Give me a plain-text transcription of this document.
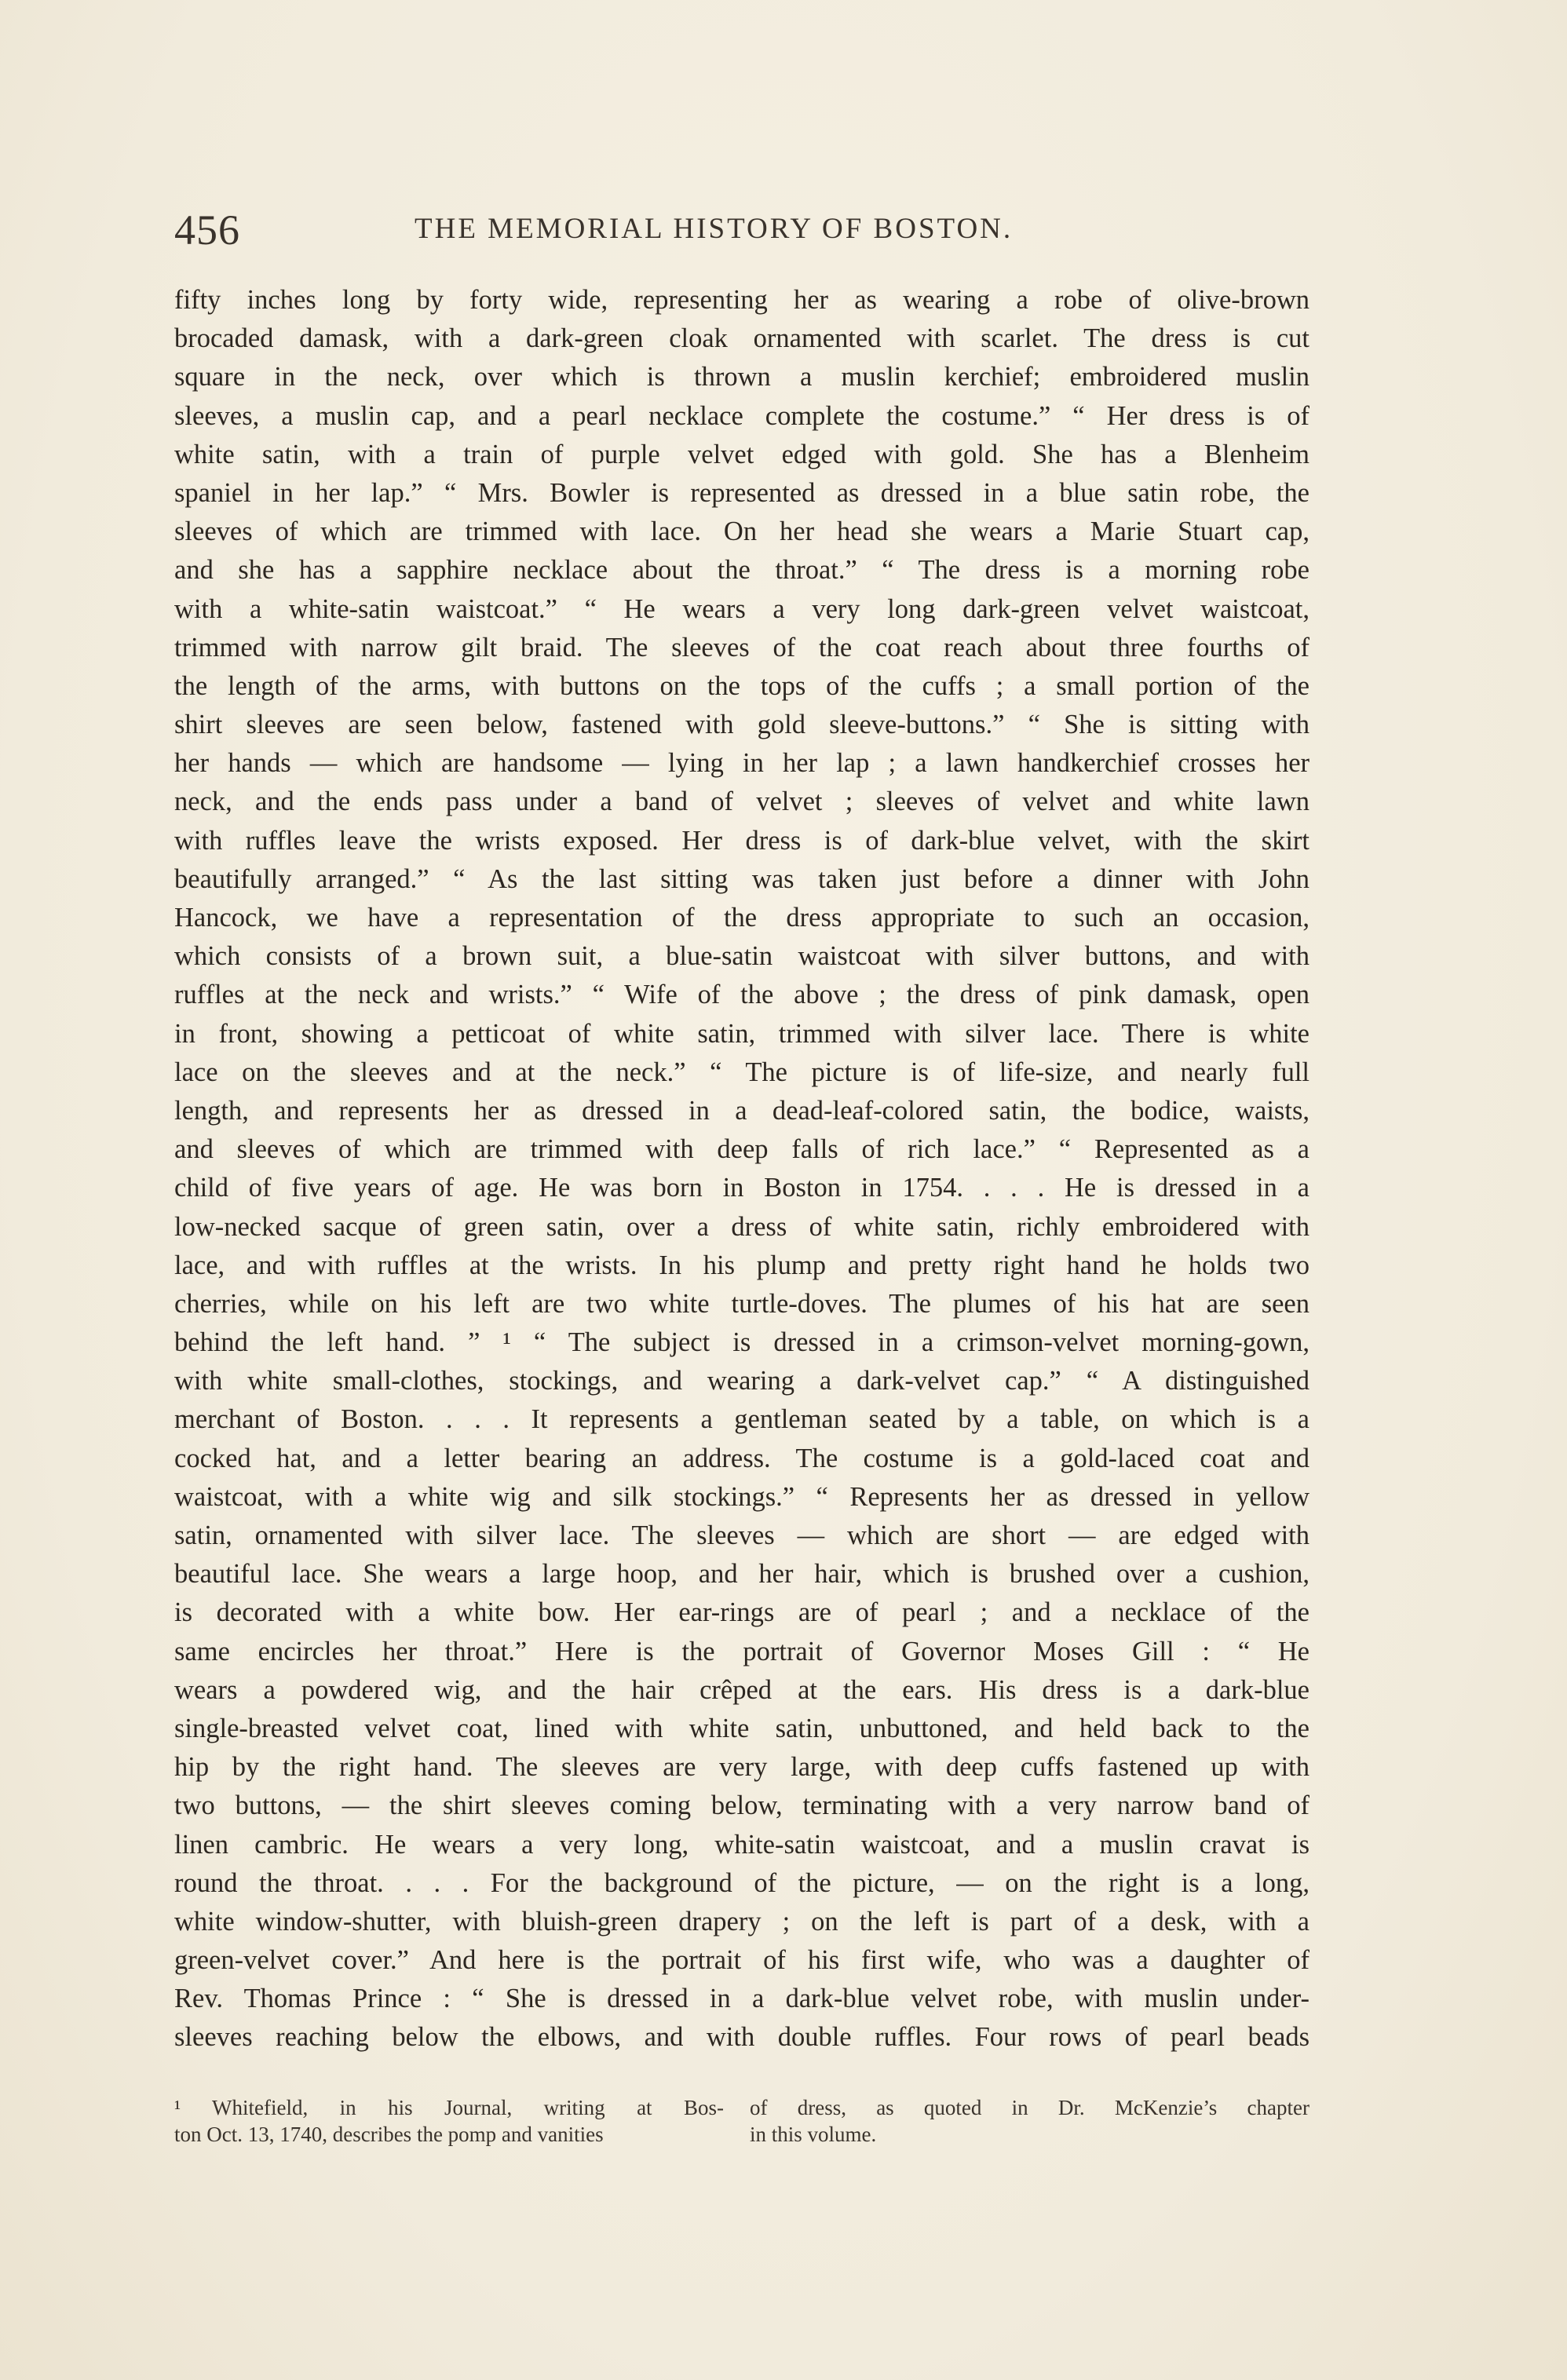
456	THE MEMORIAL HISTORY OF BOSTON.
fifty inches long by forty wide, representing her as wearing a robe of olive-brown
brocaded damask, with a dark-green cloak ornamented with scarlet. The dress is cut
square in the neck, over which is thrown a muslin kerchief; embroidered muslin
sleeves, a muslin cap, and a pearl necklace complete the costume.” “ Her dress is of
white satin, with a train of purple velvet edged with gold. She has a Blenheim
spaniel in her lap.” “ Mrs. Bowler is represented as dressed in a blue satin robe, the
sleeves of which are trimmed with lace. On her head she wears a Marie Stuart cap,
and she has a sapphire necklace about the throat.” “ The dress is a morning robe
with a white-satin waistcoat.” “ He wears a very long dark-green velvet waistcoat,
trimmed with narrow gilt braid. The sleeves of the coat reach about three fourths of
the length of the arms, with buttons on the tops of the cuffs ; a small portion of the
shirt sleeves are seen below, fastened with gold sleeve-buttons.” “ She is sitting with
her hands — which are handsome — lying in her lap ; a lawn handkerchief crosses her
neck, and the ends pass under a band of velvet ; sleeves of velvet and white lawn
with ruffles leave the wrists exposed. Her dress is of dark-blue velvet, with the skirt
beautifully arranged.” “ As the last sitting was taken just before a dinner with John
Hancock, we have a representation of the dress appropriate to such an occasion,
which consists of a brown suit, a blue-satin waistcoat with silver buttons, and with
ruffles at the neck and wrists.” “ Wife of the above ; the dress of pink damask, open
in front, showing a petticoat of white satin, trimmed with silver lace. There is white
lace on the sleeves and at the neck.” “ The picture is of life-size, and nearly full
length, and represents her as dressed in a dead-leaf-colored satin, the bodice, waists,
and sleeves of which are trimmed with deep falls of rich lace.” “ Represented as a
child of five years of age. He was born in Boston in 1754. . . . He is dressed in a
low-necked sacque of green satin, over a dress of white satin, richly embroidered with
lace, and with ruffles at the wrists. In his plump and pretty right hand he holds two
cherries, while on his left are two white turtle-doves. The plumes of his hat are seen
behind the left hand. ” ¹ “ The subject is dressed in a crimson-velvet morning-gown,
with white small-clothes, stockings, and wearing a dark-velvet cap.” “ A distinguished
merchant of Boston. . . . It represents a gentleman seated by a table, on which is a
cocked hat, and a letter bearing an address. The costume is a gold-laced coat and
waistcoat, with a white wig and silk stockings.” “ Represents her as dressed in yellow
satin, ornamented with silver lace. The sleeves — which are short — are edged with
beautiful lace. She wears a large hoop, and her hair, which is brushed over a cushion,
is decorated with a white bow. Her ear-rings are of pearl ; and a necklace of the
same encircles her throat.” Here is the portrait of Governor Moses Gill : “ He
wears a powdered wig, and the hair crêped at the ears. His dress is a dark-blue
single-breasted velvet coat, lined with white satin, unbuttoned, and held back to the
hip by the right hand. The sleeves are very large, with deep cuffs fastened up with
two buttons, — the shirt sleeves coming below, terminating with a very narrow band of
linen cambric. He wears a very long, white-satin waistcoat, and a muslin cravat is
round the throat. . . . For the background of the picture, — on the right is a long,
white window-shutter, with bluish-green drapery ; on the left is part of a desk, with a
green-velvet cover.” And here is the portrait of his first wife, who was a daughter of
Rev. Thomas Prince : “ She is dressed in a dark-blue velvet robe, with muslin under-
sleeves reaching below the elbows, and with double ruffles. Four rows of pearl beads
¹ Whitefield, in his Journal, writing at Bos-
ton Oct. 13, 1740, describes the pomp and vanities
of dress, as quoted in Dr. McKenzie’s chapter
in this volume.
